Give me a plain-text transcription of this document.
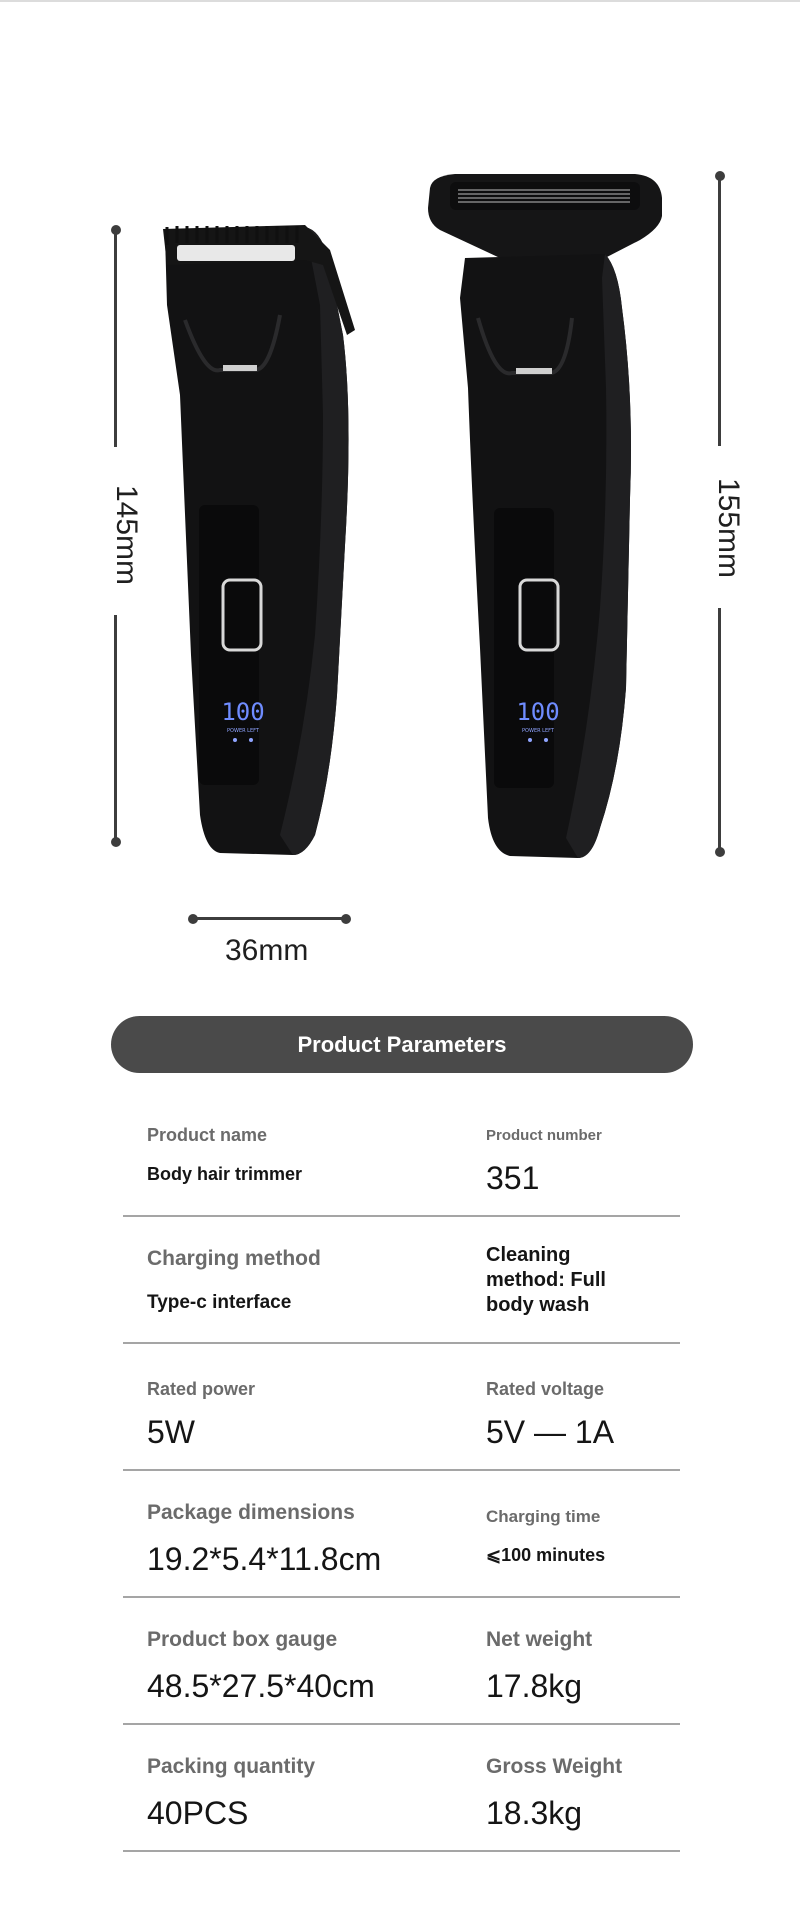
145mm	155mm
36mm
100
POWER LEFT
100
POWER LEFT
Product Parameters
Product name
Body hair trimmer
Product number
351
Charging method
Type-c interface
Cleaning method: Full body wash
Rated power
5W
Rated voltage
5V — 1A
Package dimensions
19.2*5.4*11.8cm
Charging time
⩽100 minutes
Product box gauge
48.5*27.5*40cm
Net weight
17.8kg
Packing quantity
40PCS
Gross Weight
18.3kg
